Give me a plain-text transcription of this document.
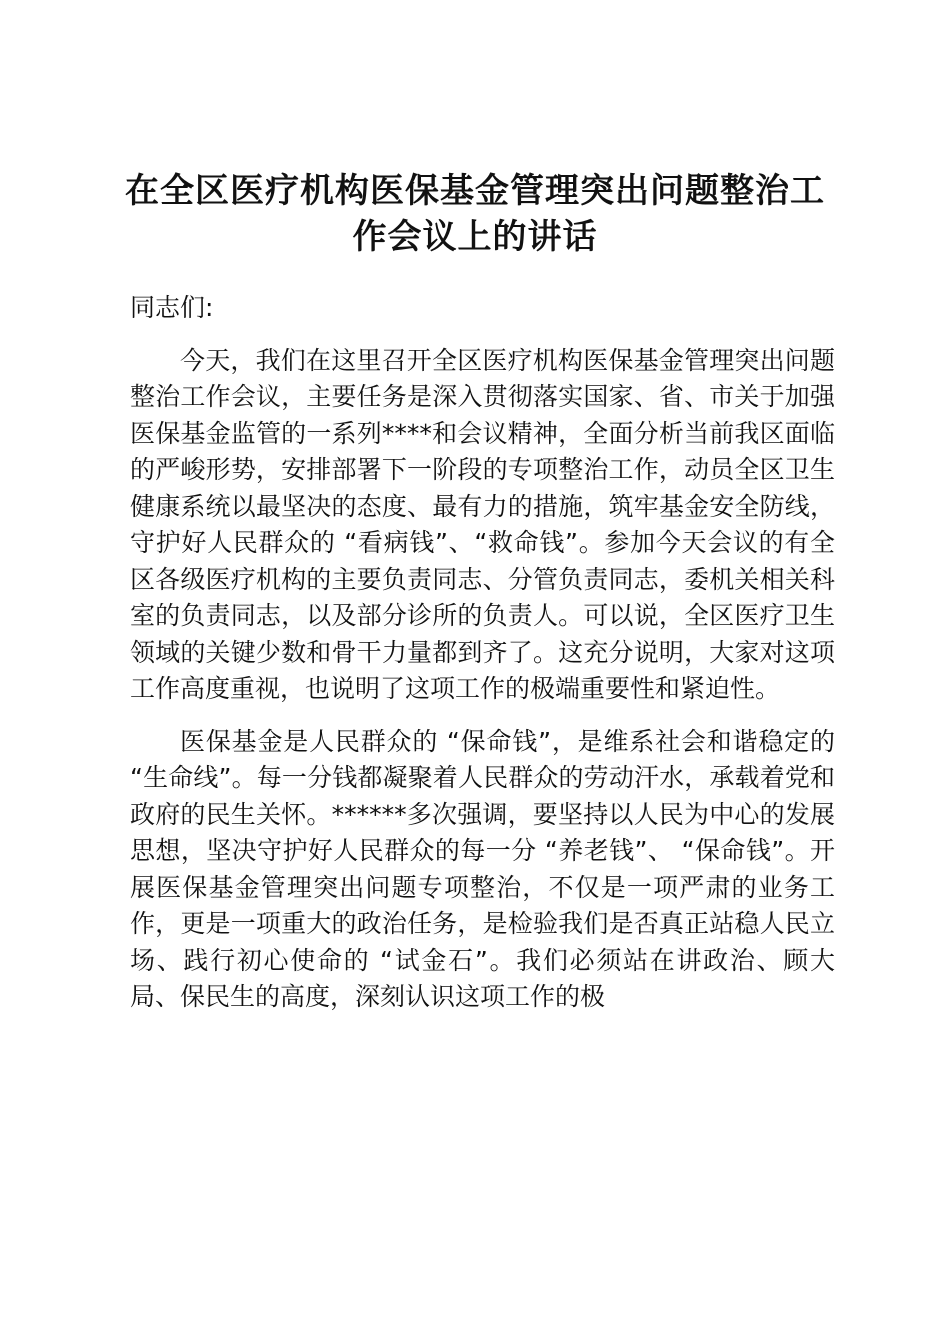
在全区医疗机构医保基金管理突出问题整治工作会议上的讲话

同志们:

今天，我们在这里召开全区医疗机构医保基金管理突出问题整治工作会议，主要任务是深入贯彻落实国家、省、市关于加强医保基金监管的一系列****和会议精神，全面分析当前我区面临的严峻形势，安排部署下一阶段的专项整治工作，动员全区卫生健康系统以最坚决的态度、最有力的措施，筑牢基金安全防线，守护好人民群众的 “看病钱”、“救命钱”。参加今天会议的有全区各级医疗机构的主要负责同志、分管负责同志，委机关相关科室的负责同志，以及部分诊所的负责人。可以说，全区医疗卫生领域的关键少数和骨干力量都到齐了。这充分说明，大家对这项工作高度重视，也说明了这项工作的极端重要性和紧迫性。

医保基金是人民群众的 “保命钱”，是维系社会和谐稳定的 “生命线”。每一分钱都凝聚着人民群众的劳动汗水，承载着党和政府的民生关怀。******多次强调，要坚持以人民为中心的发展思想，坚决守护好人民群众的每一分 “养老钱”、 “保命钱”。开展医保基金管理突出问题专项整治，不仅是一项严肃的业务工作，更是一项重大的政治任务，是检验我们是否真正站稳人民立场、践行初心使命的 “试金石”。我们必须站在讲政治、顾大局、保民生的高度，深刻认识这项工作的极
